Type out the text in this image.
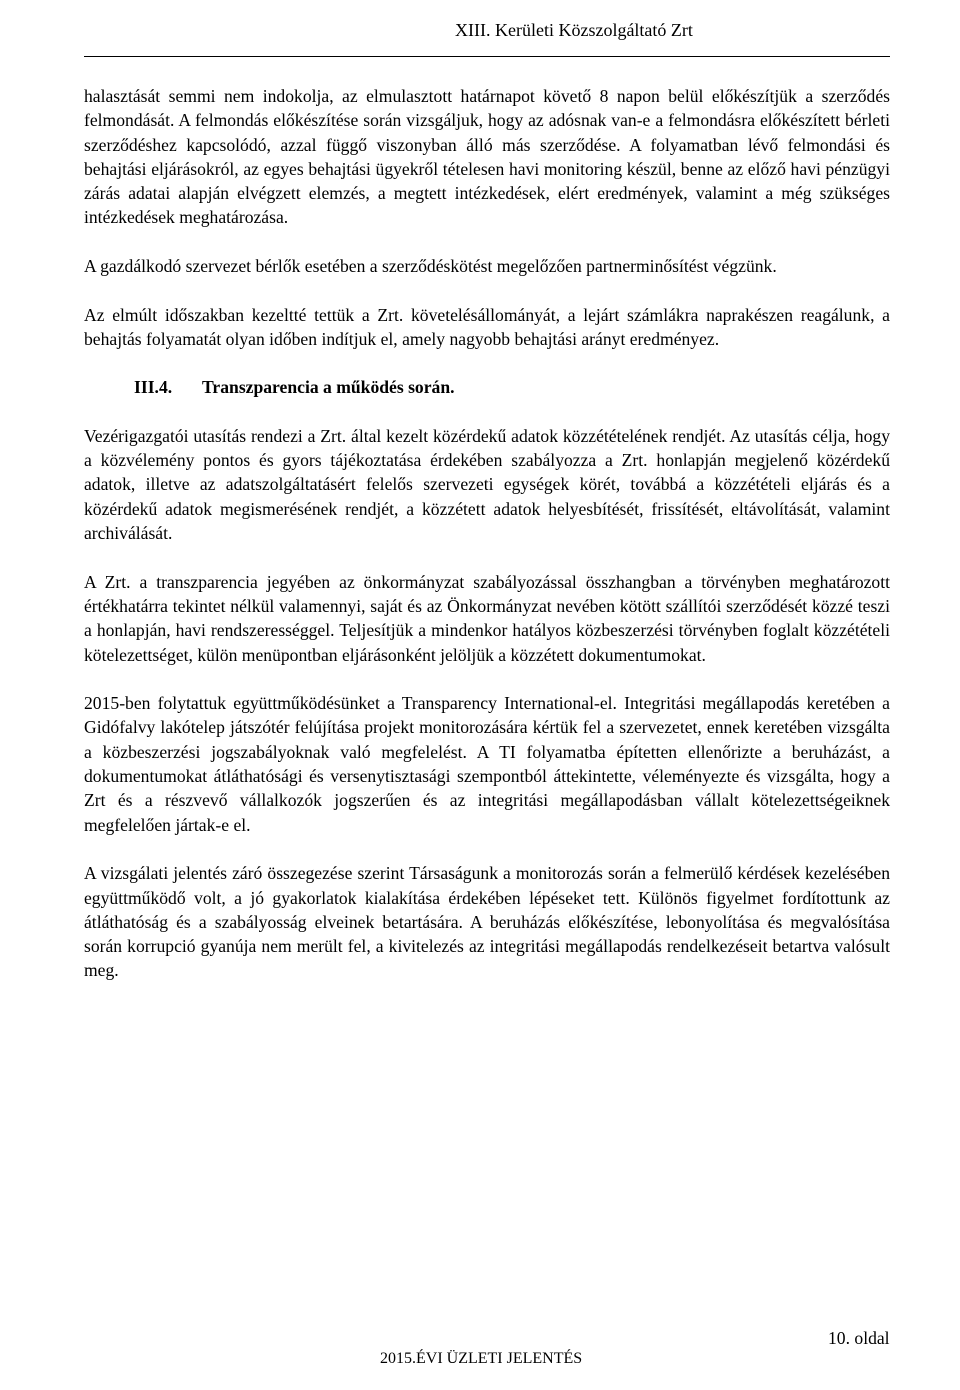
XIII. Kerületi Közszolgáltató Zrt

halasztását semmi nem indokolja, az elmulasztott határnapot követő 8 napon belül előkészítjük a szerződés felmondását. A felmondás előkészítése során vizsgáljuk, hogy az adósnak van-e a felmondásra előkészített bérleti szerződéshez kapcsolódó, azzal függő viszonyban álló más szerződése. A folyamatban lévő felmondási és behajtási eljárásokról, az egyes behajtási ügyekről tételesen havi monitoring készül, benne az előző havi pénzügyi zárás adatai alapján elvégzett elemzés, a megtett intézkedések, elért eredmények, valamint a még szükséges intézkedések meghatározása.

A gazdálkodó szervezet bérlők esetében a szerződéskötést megelőzően partnerminősítést végzünk.

Az elmúlt időszakban kezeltté tettük a Zrt. követelésállományát, a lejárt számlákra naprakészen reagálunk, a behajtás folyamatát olyan időben indítjuk el, amely nagyobb behajtási arányt eredményez.

III.4.	Transzparencia a működés során.

Vezérigazgatói utasítás rendezi a Zrt. által kezelt közérdekű adatok közzétételének rendjét. Az utasítás célja, hogy a közvélemény pontos és gyors tájékoztatása érdekében szabályozza a Zrt. honlapján megjelenő közérdekű adatok, illetve az adatszolgáltatásért felelős szervezeti egységek körét, továbbá a közzétételi eljárás és a közérdekű adatok megismerésének rendjét, a közzétett adatok helyesbítését, frissítését, eltávolítását, valamint archiválását.

A Zrt. a transzparencia jegyében az önkormányzat szabályozással összhangban a törvényben meghatározott értékhatárra tekintet nélkül valamennyi, saját és az Önkormányzat nevében kötött szállítói szerződését közzé teszi a honlapján, havi rendszerességgel. Teljesítjük a mindenkor hatályos közbeszerzési törvényben foglalt közzétételi kötelezettséget, külön menüpontban eljárásonként jelöljük a közzétett dokumentumokat.

2015-ben folytattuk együttműködésünket a Transparency International-el. Integritási megállapodás keretében a Gidófalvy lakótelep játszótér felújítása projekt monitorozására kértük fel a szervezetet, ennek keretében vizsgálta a közbeszerzési jogszabályoknak való megfelelést. A TI folyamatba építetten ellenőrizte a beruházást, a dokumentumokat átláthatósági és versenytisztasági szempontból áttekintette, véleményezte és vizsgálta, hogy a Zrt és a részvevő vállalkozók jogszerűen és az integritási megállapodásban vállalt kötelezettségeiknek megfelelően jártak-e el.

A vizsgálati jelentés záró összegezése szerint Társaságunk a monitorozás során a felmerülő kérdések kezelésében együttműködő volt, a jó gyakorlatok kialakítása érdekében lépéseket tett. Különös figyelmet fordítottunk az átláthatóság és a szabályosság elveinek betartására. A beruházás előkészítése, lebonyolítása és megvalósítása során korrupció gyanúja nem merült fel, a kivitelezés az integritási megállapodás rendelkezéseit betartva valósult meg.

10. oldal
2015.ÉVI ÜZLETI JELENTÉS
